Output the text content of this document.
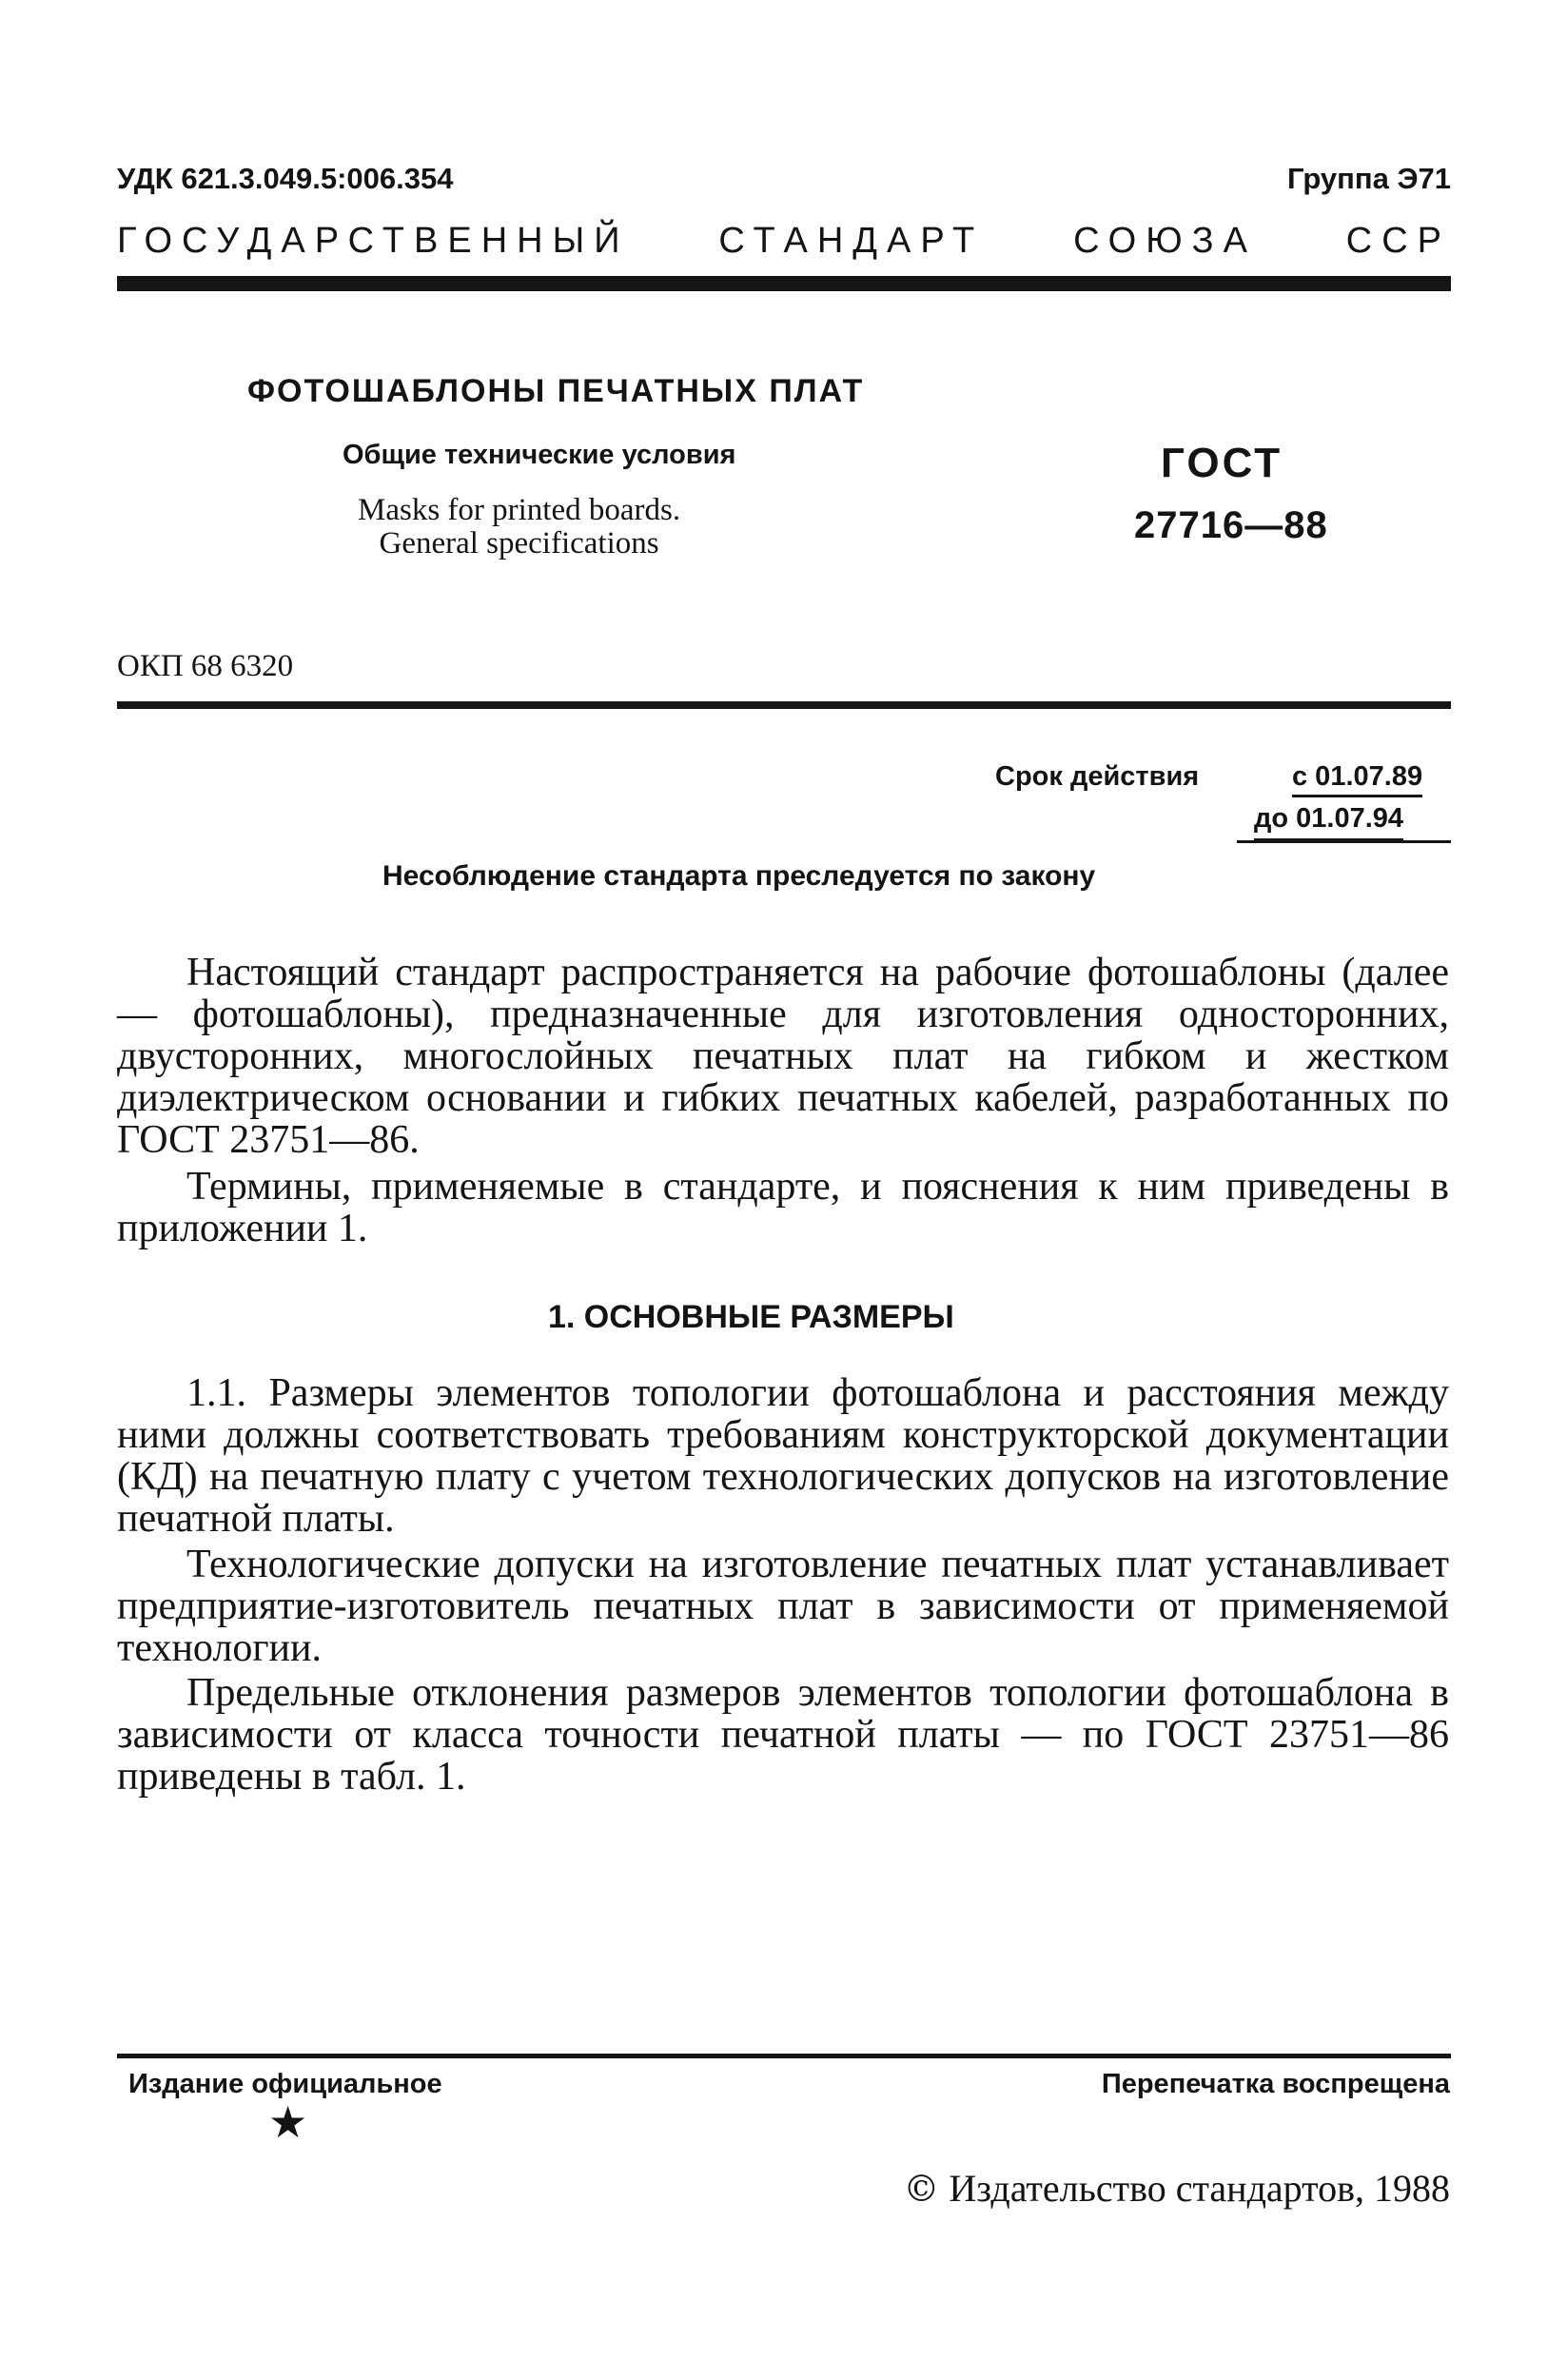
УДК 621.3.049.5:006.354	Группа Э71
ГОСУДАРСТВЕННЫЙ СТАНДАРТ СОЮЗА ССР
ФОТОШАБЛОНЫ ПЕЧАТНЫХ ПЛАТ
Общие технические условия
Masks for printed boards.
General specifications
ГОСТ
27716—88
ОКП 68 6320
Срок действия	с 01.07.89
до 01.07.94
Несоблюдение стандарта преследуется по закону
Настоящий стандарт распространяется на рабочие фотошаблоны (далее — фотошаблоны), предназначенные для изготовления односторонних, двусторонних, многослойных печатных плат на гибком и жестком диэлектрическом основании и гибких печатных кабелей, разработанных по ГОСТ 23751—86.
Термины, применяемые в стандарте, и пояснения к ним приведены в приложении 1.
1. ОСНОВНЫЕ РАЗМЕРЫ
1.1. Размеры элементов топологии фотошаблона и расстояния между ними должны соответствовать требованиям конструкторской документации (КД) на печатную плату с учетом технологических допусков на изготовление печатной платы.
Технологические допуски на изготовление печатных плат устанавливает предприятие-изготовитель печатных плат в зависимости от применяемой технологии.
Предельные отклонения размеров элементов топологии фотошаблона в зависимости от класса точности печатной платы — по ГОСТ 23751—86 приведены в табл. 1.
Издание официальное	Перепечатка воспрещена
★
© Издательство стандартов, 1988
